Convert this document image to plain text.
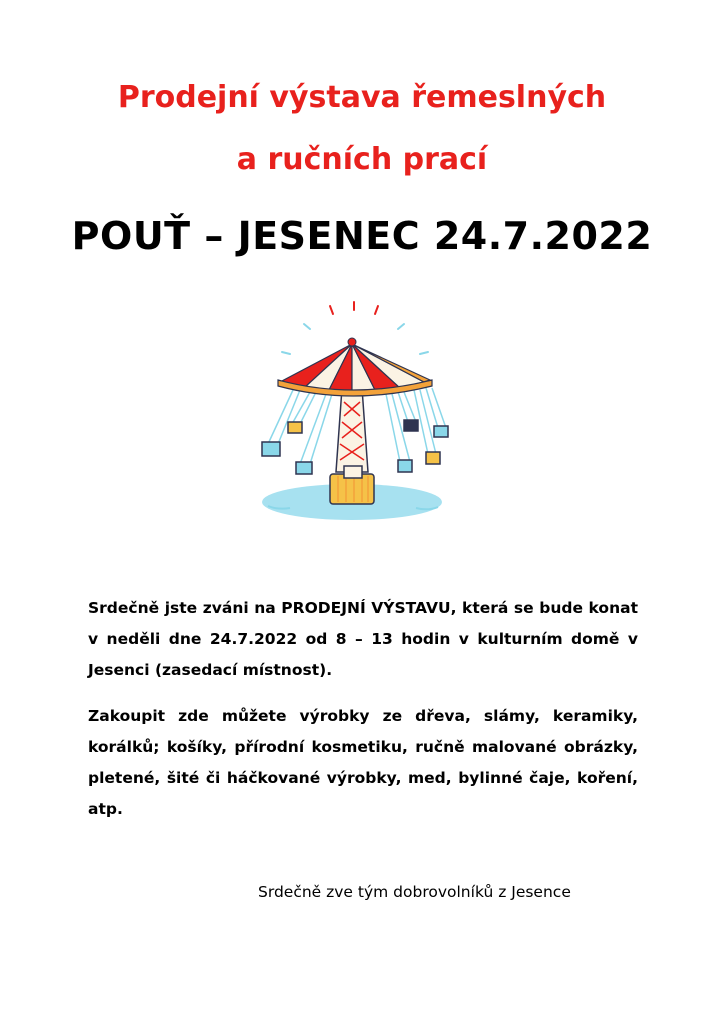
Prodejní výstava řemeslných
a ručních prací
POUŤ – JESENEC 24.7.2022

Srdečně jste zváni na PRODEJNÍ VÝSTAVU, která se bude konat v neděli dne 24.7.2022 od 8 – 13 hodin v kulturním domě v Jesenci (zasedací místnost).

Zakoupit zde můžete výrobky ze dřeva, slámy, keramiky, korálků; košíky, přírodní kosmetiku, ručně malované obrázky, pletené, šité či háčkované výrobky, med, bylinné čaje, koření, atp.

Srdečně zve tým dobrovolníků z Jesence
